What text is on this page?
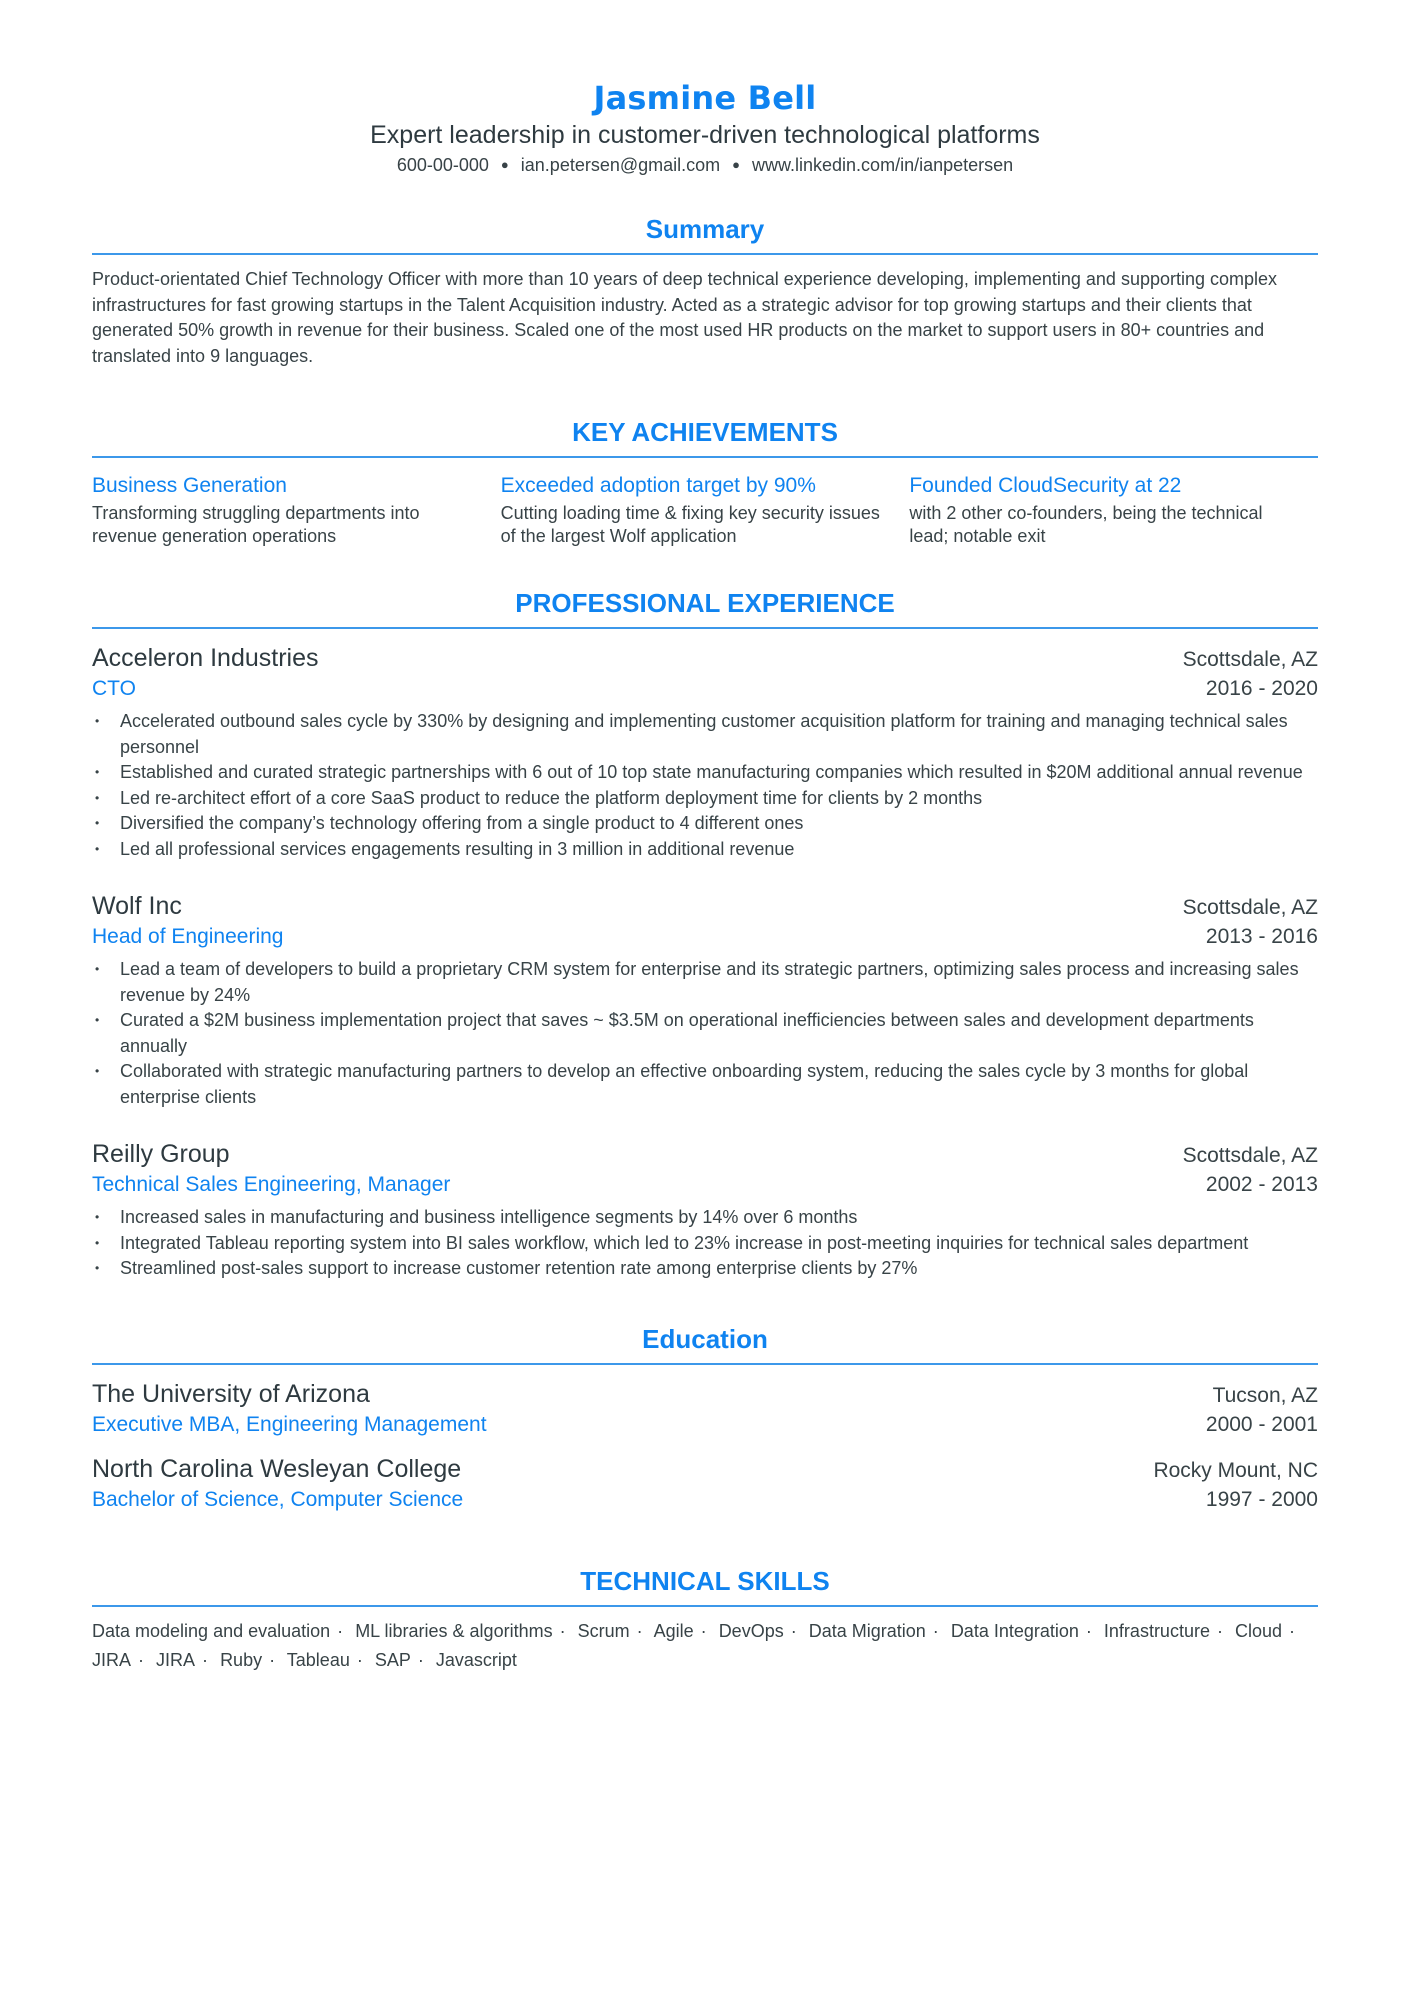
Jasmine Bell
Expert leadership in customer-driven technological platforms
600-00-000 ● ian.petersen@gmail.com ● www.linkedin.com/in/ianpetersen
Summary

Product-orientated Chief Technology Officer with more than 10 years of deep technical experience developing, implementing and supporting complex infrastructures for fast growing startups in the Talent Acquisition industry. Acted as a strategic advisor for top growing startups and their clients that generated 50% growth in revenue for their business. Scaled one of the most used HR products on the market to support users in 80+ countries and translated into 9 languages.

KEY ACHIEVEMENTS
Business Generation
Transforming struggling departments into revenue generation operations
Exceeded adoption target by 90%
Cutting loading time & fixing key security issues of the largest Wolf application
Founded CloudSecurity at 22
with 2 other co-founders, being the technical lead; notable exit
PROFESSIONAL EXPERIENCE
Acceleron Industries	Scottsdale, AZ
CTO	2016 - 2020
• Accelerated outbound sales cycle by 330% by designing and implementing customer acquisition platform for training and managing technical sales personnel
• Established and curated strategic partnerships with 6 out of 10 top state manufacturing companies which resulted in $20M additional annual revenue
• Led re-architect effort of a core SaaS product to reduce the platform deployment time for clients by 2 months
• Diversified the company’s technology offering from a single product to 4 different ones
• Led all professional services engagements resulting in 3 million in additional revenue
Wolf Inc	Scottsdale, AZ
Head of Engineering	2013 - 2016
• Lead a team of developers to build a proprietary CRM system for enterprise and its strategic partners, optimizing sales process and increasing sales revenue by 24%
• Curated a $2M business implementation project that saves ~ $3.5M on operational inefficiencies between sales and development departments annually
• Collaborated with strategic manufacturing partners to develop an effective onboarding system, reducing the sales cycle by 3 months for global enterprise clients
Reilly Group	Scottsdale, AZ
Technical Sales Engineering, Manager	2002 - 2013
• Increased sales in manufacturing and business intelligence segments by 14% over 6 months
• Integrated Tableau reporting system into BI sales workflow, which led to 23% increase in post-meeting inquiries for technical sales department
• Streamlined post-sales support to increase customer retention rate among enterprise clients by 27%
Education
The University of Arizona	Tucson, AZ
Executive MBA, Engineering Management	2000 - 2001
North Carolina Wesleyan College	Rocky Mount, NC
Bachelor of Science, Computer Science	1997 - 2000
TECHNICAL SKILLS
Data modeling and evaluation · ML libraries & algorithms · Scrum · Agile · DevOps · Data Migration · Data Integration · Infrastructure · Cloud · JIRA · JIRA · Ruby · Tableau · SAP · Javascript
